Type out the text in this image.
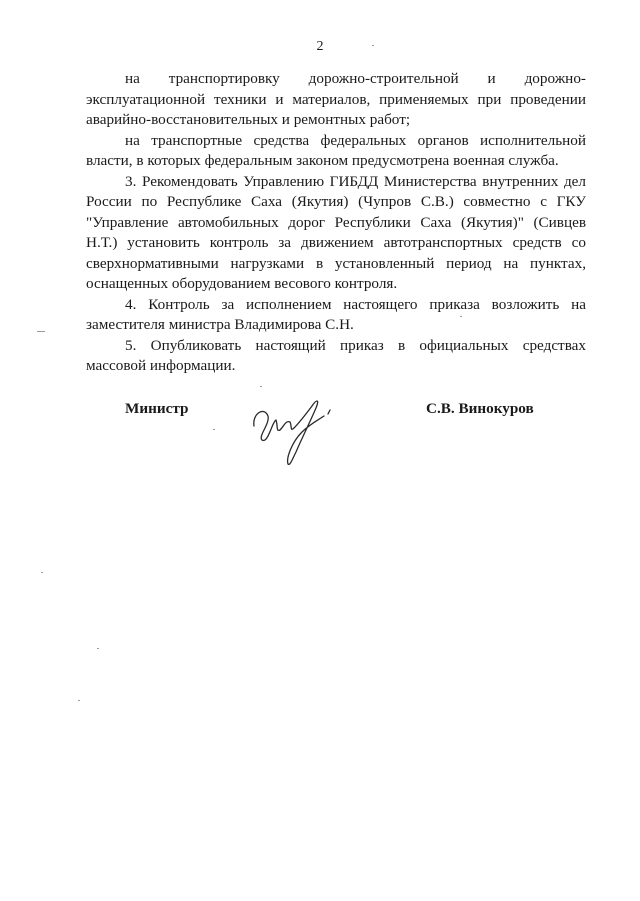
2
на транспортировку дорожно-строительной и дорожно-

эксплуатационной техники и материалов, применяемых при проведении аварийно-восстановительных и ремонтных работ;

на транспортные средства федеральных органов исполнительной власти, в которых федеральным законом предусмотрена военная служба.

3. Рекомендовать Управлению ГИБДД Министерства внутренних дел России по Республике Саха (Якутия) (Чупров С.В.) совместно с ГКУ "Управление автомобильных дорог Республики Саха (Якутия)" (Сивцев Н.Т.) установить контроль за движением автотранспортных средств со сверхнормативными нагрузками в установленный период на пунктах, оснащенных оборудованием весового контроля.

4. Контроль за исполнением настоящего приказа возложить на заместителя министра Владимирова С.Н.

5. Опубликовать настоящий приказ в официальных средствах массовой информации.

Министр	С.В. Винокуров
